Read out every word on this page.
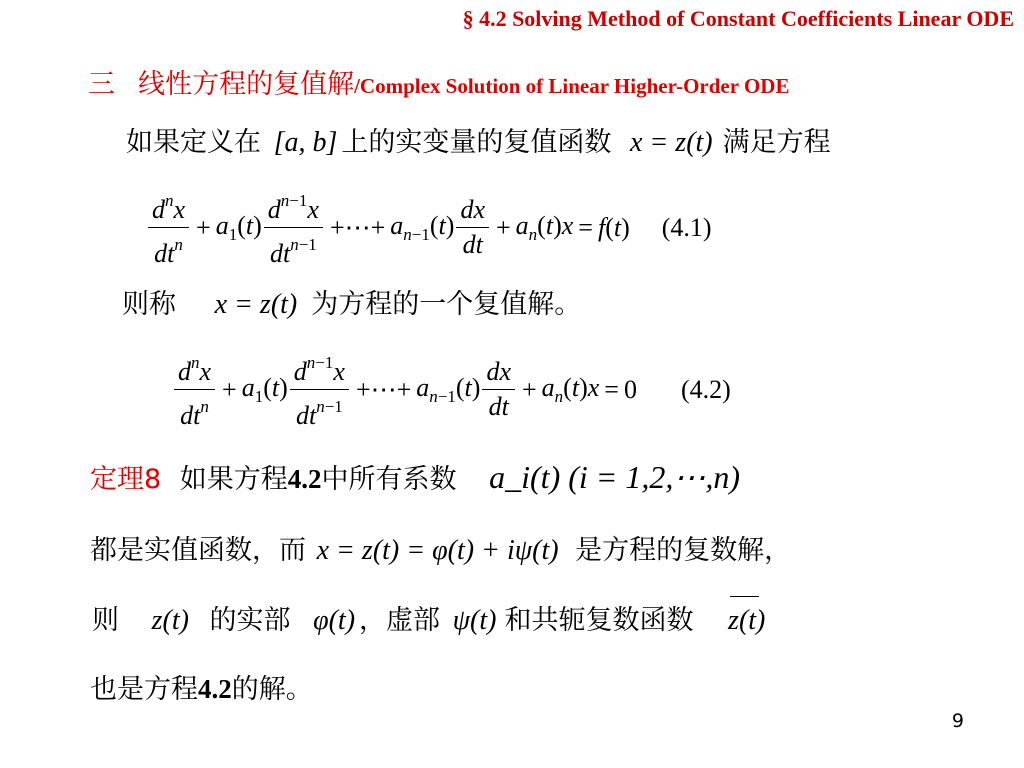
§ 4.2 Solving Method of Constant Coefficients Linear ODE
三 线性方程的复值解/Complex Solution of Linear Higher-Order ODE
如果定义在 [a, b] 上的实变量的复值函数 x = z(t) 满足方程
$\frac{d^nx}{dt^n} + a_1(t) \frac{d^{n-1}x}{dt^{n-1}}$ +⋯+ $a_{n-1}(t) \frac{dx}{dt} + a_n(t)x = f(t)$ (4.1)
则称 x = z(t) 为方程的一个复值解。
$\frac{d^nx}{dt^n} + a_1(t) \frac{d^{n-1}x}{dt^{n-1}}$ +⋯+ $a_{n-1}(t) \frac{dx}{dt} + a_n(t)x = 0$ (4.2)
定理8 如果方程4.2中所有系数 a_i(t) (i = 1,2,⋯,n)
都是实值函数，而 x = z(t) = φ(t) + iψ(t) 是方程的复数解，
则 z(t) 的实部 φ(t) ，虚部 ψ(t) 和共轭复数函数 z(t)
也是方程4.2的解。
9
